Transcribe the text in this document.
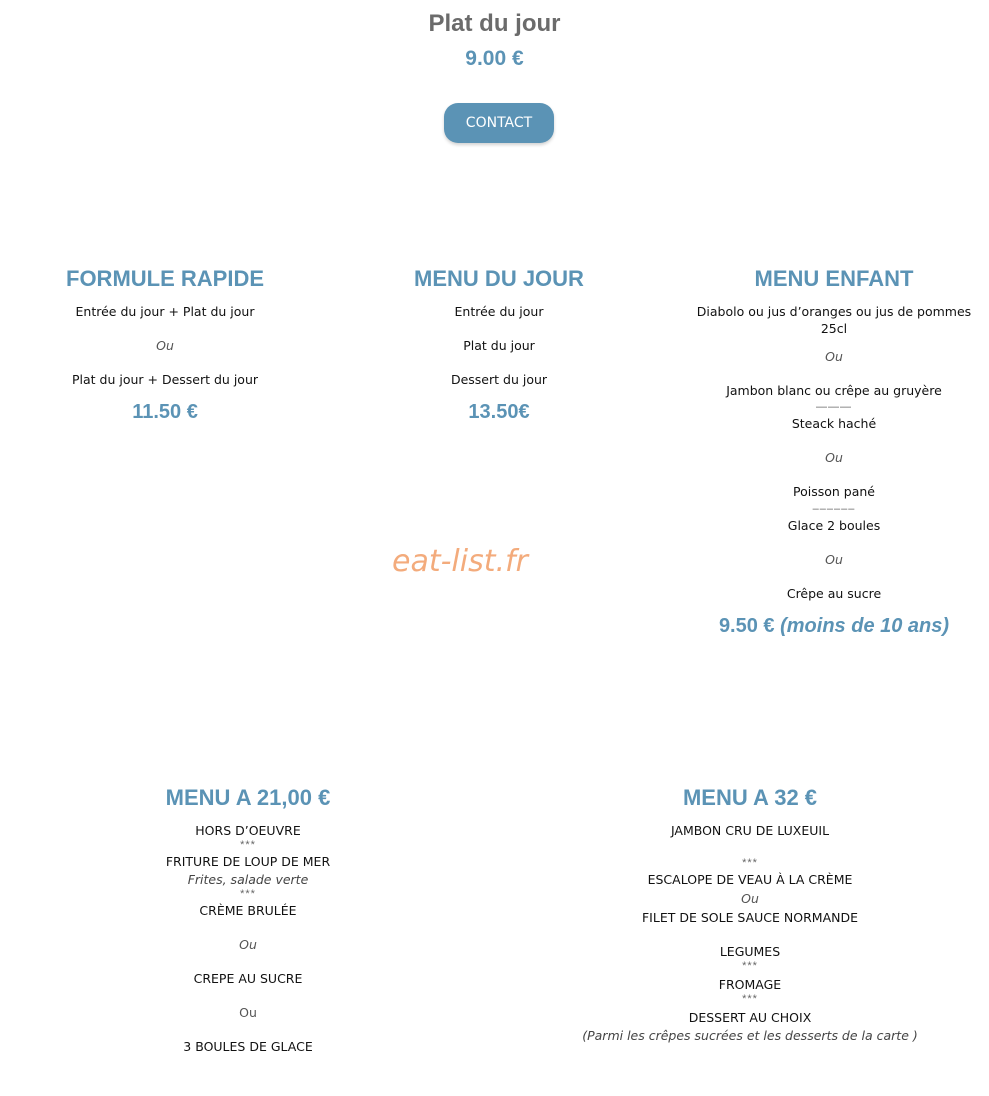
Plat du jour
9.00 €
CONTACT
FORMULE RAPIDE
Entrée du jour + Plat du jour
Ou
Plat du jour + Dessert du jour
11.50 €
MENU DU JOUR
Entrée du jour
Plat du jour
Dessert du jour
13.50€
MENU ENFANT
Diabolo ou jus d’oranges ou jus de pommes
25cl
Ou
Jambon blanc ou crêpe au gruyère
———
Steack haché
Ou
Poisson pané
––––––
Glace 2 boules
Ou
Crêpe au sucre
9.50 € (moins de 10 ans)
eat-list.fr
MENU A 21,00 €
HORS D’OEUVRE
***
FRITURE DE LOUP DE MER
Frites, salade verte
***
CRÈME BRULÉE
Ou
CREPE AU SUCRE
Ou
3 BOULES DE GLACE
MENU A 32 €
JAMBON CRU DE LUXEUIL
***
ESCALOPE DE VEAU À LA CRÈME
Ou
FILET DE SOLE SAUCE NORMANDE
LEGUMES
***
FROMAGE
***
DESSERT AU CHOIX
(Parmi les crêpes sucrées et les desserts de la carte )
